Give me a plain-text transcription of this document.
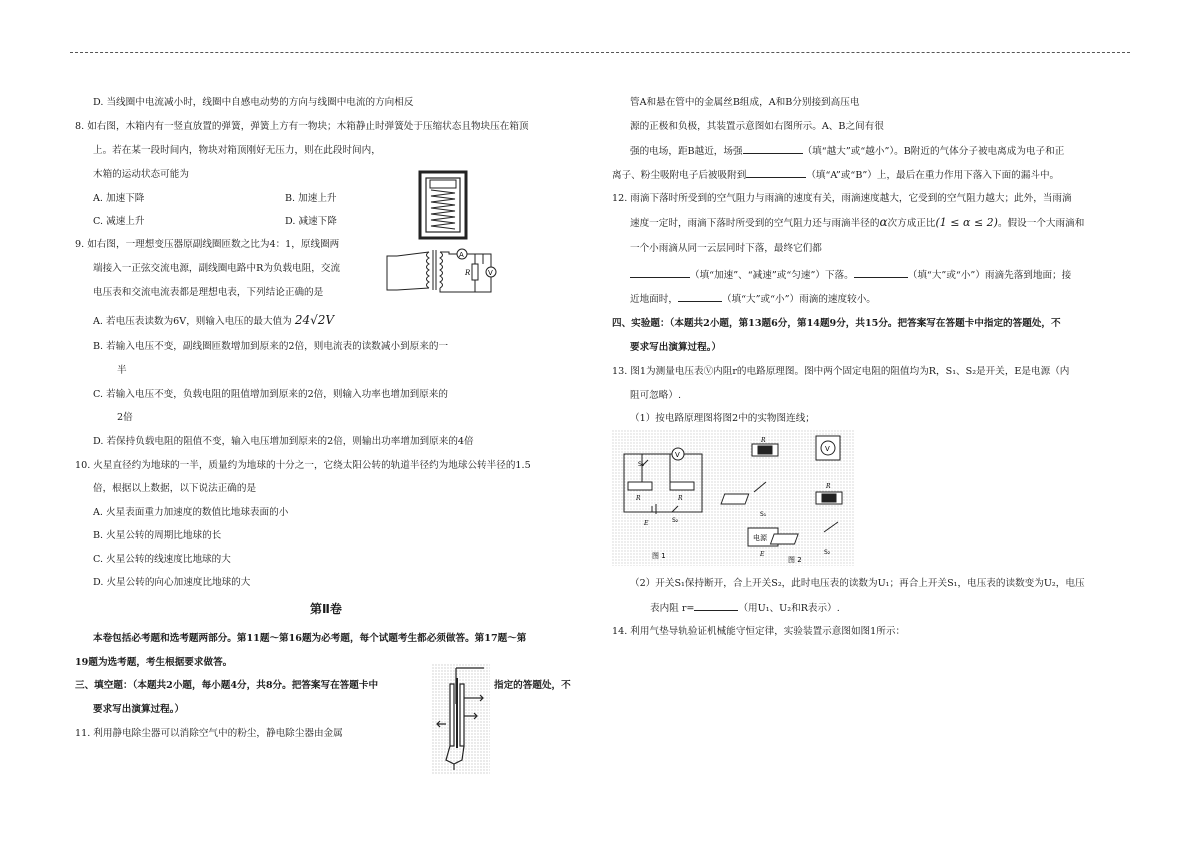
D. 当线圈中电流减小时，线圈中自感电动势的方向与线圈中电流的方向相反
8. 如右图，木箱内有一竖直放置的弹簧，弹簧上方有一物块；木箱静止时弹簧处于压缩状态且物块压在箱顶
上。若在某一段时间内，物块对箱顶刚好无压力，则在此段时间内，
木箱的运动状态可能为
A. 加速下降	B. 加速上升
C. 减速上升	D. 减速下降
9. 如右图，一理想变压器原副线圈匝数之比为4：1，原线圈两
端接入一正弦交流电源，副线圈电路中R为负载电阻，交流
电压表和交流电流表都是理想电表，下列结论正确的是
A
V
R
A. 若电压表读数为6V，则输入电压的最大值为 24√2V
B. 若输入电压不变，副线圈匝数增加到原来的2倍，则电流表的读数减小到原来的一
半
C. 若输入电压不变，负载电阻的阻值增加到原来的2倍，则输入功率也增加到原来的
2倍
D. 若保持负载电阻的阻值不变，输入电压增加到原来的2倍，则输出功率增加到原来的4倍
10. 火星直径约为地球的一半，质量约为地球的十分之一，它绕太阳公转的轨道半径约为地球公转半径的1.5
倍，根据以上数据，以下说法正确的是
A. 火星表面重力加速度的数值比地球表面的小
B. 火星公转的周期比地球的长
C. 火星公转的线速度比地球的大
D. 火星公转的向心加速度比地球的大
第Ⅱ卷
本卷包括必考题和选考题两部分。第11题～第16题为必考题，每个试题考生都必须做答。第17题～第
19题为选考题，考生根据要求做答。
三、填空题：（本题共2小题，每小题4分，共8分。把答案写在答题卡中	指定的答题处，不
要求写出演算过程。）
11. 利用静电除尘器可以消除空气中的粉尘，静电除尘器由金属
管A和悬在管中的金属丝B组成，A和B分别接到高压电
源的正极和负极，其装置示意图如右图所示。A、B之间有很
强的电场，距B越近，场强	（填“越大”或“越小”）。B附近的气体分子被电离成为电子和正
离子、粉尘吸附电子后被吸附到	（填“A”或“B”）上，最后在重力作用下落入下面的漏斗中。
12. 雨滴下落时所受到的空气阻力与雨滴的速度有关，雨滴速度越大，它受到的空气阻力越大；此外，当雨滴
速度一定时，雨滴下落时所受到的空气阻力还与雨滴半径的α次方成正比(1 ≤ α ≤ 2)。假设一个大雨滴和
一个小雨滴从同一云层同时下落，最终它们都
（填“加速”、“减速”或“匀速”）下落。	（填“大”或“小”）雨滴先落到地面；接
近地面时，	（填“大”或“小”）雨滴的速度较小。
四、实验题：（本题共2小题，第13题6分，第14题9分，共15分。把答案写在答题卡中指定的答题处，不
要求写出演算过程。）
13. 图1为测量电压表Ⓥ内阻r的电路原理图。图中两个固定电阻的阻值均为R，S₁、S₂是开关，E是电源（内
阻可忽略）.
（1）按电路原理图将图2中的实物图连线；
V
S₁
R	R
E	S₂
图 1
R
V
S₁
R
电源
E	S₂
图 2
（2）开关S₁保持断开，合上开关S₂，此时电压表的读数为U₁；再合上开关S₁，电压表的读数变为U₂，电压
表内阻 r=	（用U₁、U₂和R表示）.
14. 利用气垫导轨验证机械能守恒定律，实验装置示意图如图1所示：
